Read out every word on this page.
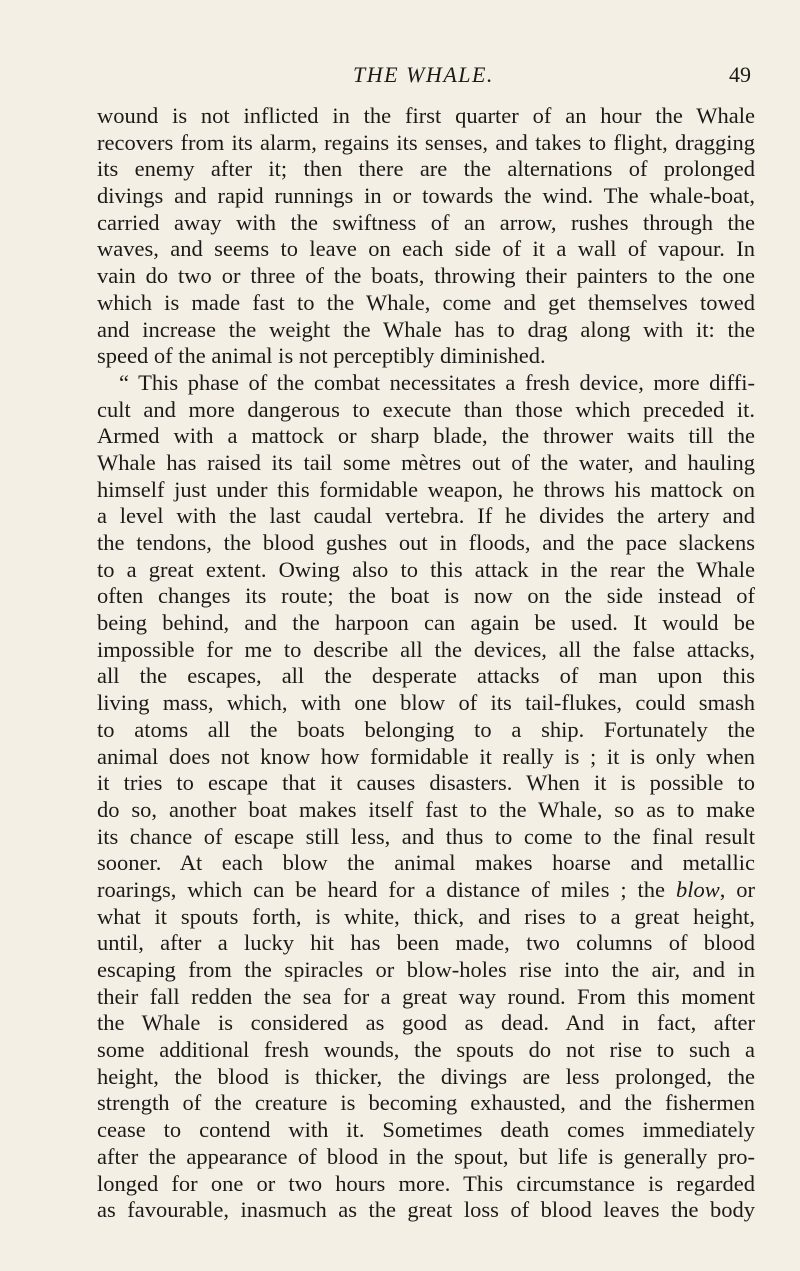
THE WHALE.	49
wound is not inflicted in the first quarter of an hour the Whale
recovers from its alarm, regains its senses, and takes to flight, dragging
its enemy after it; then there are the alternations of prolonged
divings and rapid runnings in or towards the wind. The whale-boat,
carried away with the swiftness of an arrow, rushes through the
waves, and seems to leave on each side of it a wall of vapour. In
vain do two or three of the boats, throwing their painters to the one
which is made fast to the Whale, come and get themselves towed
and increase the weight the Whale has to drag along with it: the
speed of the animal is not perceptibly diminished.
“ This phase of the combat necessitates a fresh device, more diffi-
cult and more dangerous to execute than those which preceded it.
Armed with a mattock or sharp blade, the thrower waits till the
Whale has raised its tail some mètres out of the water, and hauling
himself just under this formidable weapon, he throws his mattock on
a level with the last caudal vertebra. If he divides the artery and
the tendons, the blood gushes out in floods, and the pace slackens
to a great extent. Owing also to this attack in the rear the Whale
often changes its route; the boat is now on the side instead of
being behind, and the harpoon can again be used. It would be
impossible for me to describe all the devices, all the false attacks,
all the escapes, all the desperate attacks of man upon this
living mass, which, with one blow of its tail-flukes, could smash
to atoms all the boats belonging to a ship. Fortunately the
animal does not know how formidable it really is ; it is only when
it tries to escape that it causes disasters. When it is possible to
do so, another boat makes itself fast to the Whale, so as to make
its chance of escape still less, and thus to come to the final result
sooner. At each blow the animal makes hoarse and metallic
roarings, which can be heard for a distance of miles ; the blow, or
what it spouts forth, is white, thick, and rises to a great height,
until, after a lucky hit has been made, two columns of blood
escaping from the spiracles or blow-holes rise into the air, and in
their fall redden the sea for a great way round. From this moment
the Whale is considered as good as dead. And in fact, after
some additional fresh wounds, the spouts do not rise to such a
height, the blood is thicker, the divings are less prolonged, the
strength of the creature is becoming exhausted, and the fishermen
cease to contend with it. Sometimes death comes immediately
after the appearance of blood in the spout, but life is generally pro-
longed for one or two hours more. This circumstance is regarded
as favourable, inasmuch as the great loss of blood leaves the body
